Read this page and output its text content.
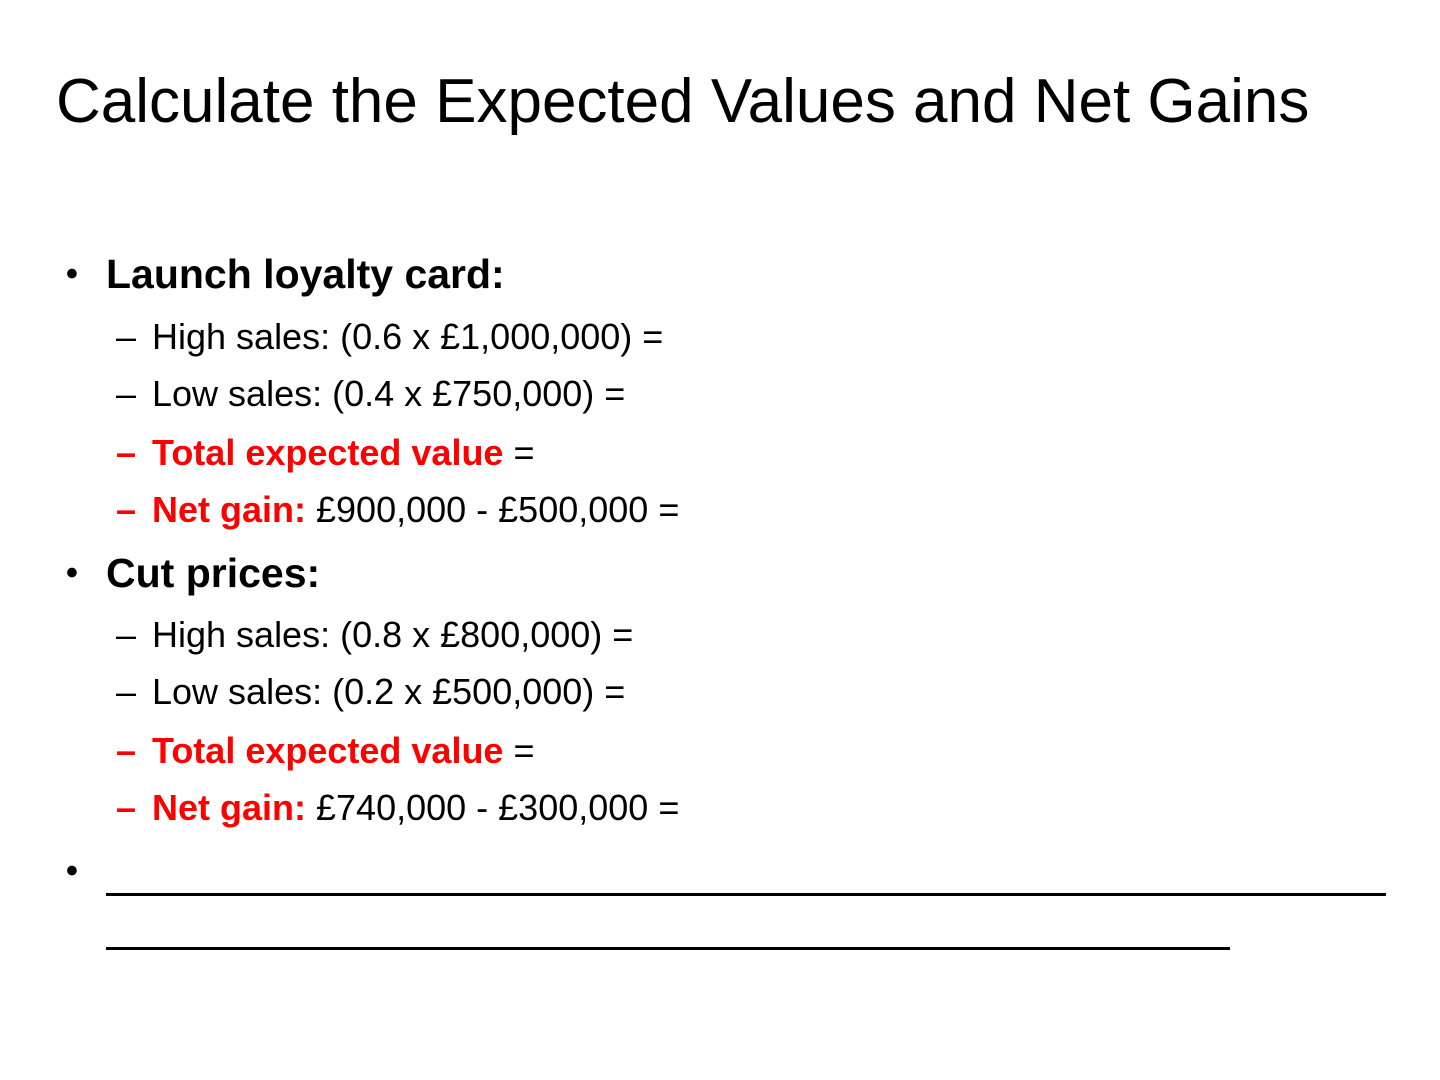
Calculate the Expected Values and Net Gains
• Launch loyalty card:
– High sales: (0.6 x £1,000,000) =
– Low sales: (0.4 x £750,000) =
– Total expected value =
– Net gain: £900,000 - £500,000 =
• Cut prices:
– High sales: (0.8 x £800,000) =
– Low sales: (0.2 x £500,000) =
– Total expected value =
– Net gain: £740,000 - £300,000 =
•
